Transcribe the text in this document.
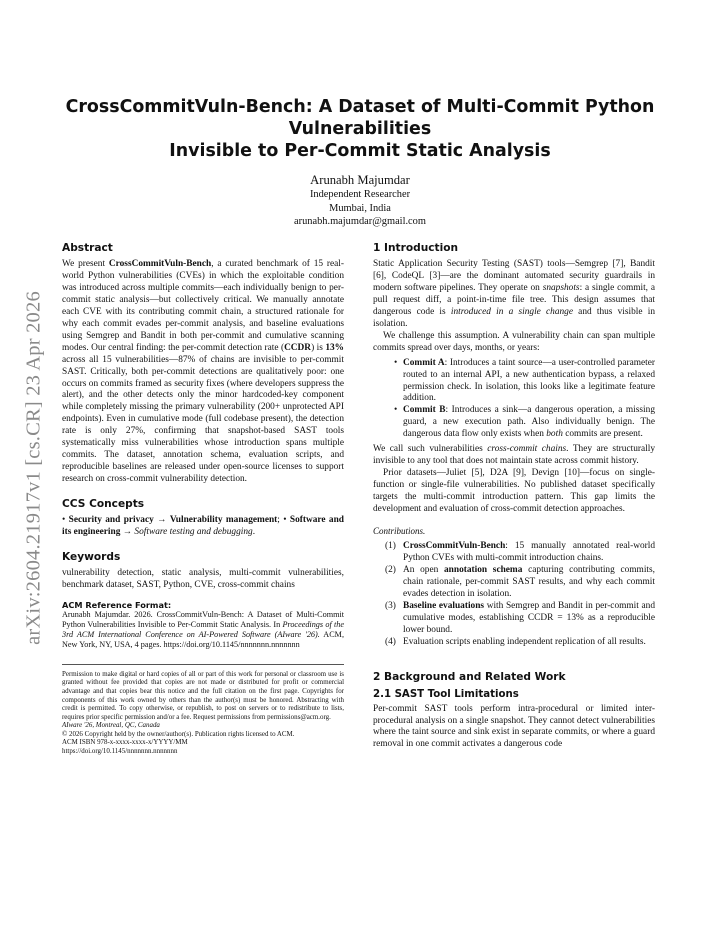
arXiv:2604.21917v1 [cs.CR] 23 Apr 2026
CrossCommitVuln-Bench: A Dataset of Multi-Commit Python
Vulnerabilities
Invisible to Per-Commit Static Analysis
Arunabh Majumdar
Independent Researcher
Mumbai, India
arunabh.majumdar@gmail.com
Abstract

We present CrossCommitVuln-Bench, a curated benchmark of 15 real-world Python vulnerabilities (CVEs) in which the exploitable condition was introduced across multiple commits—each individually benign to per-commit static analysis—but collectively critical. We manually annotate each CVE with its contributing commit chain, a structured rationale for why each commit evades per-commit analysis, and baseline evaluations using Semgrep and Bandit in both per-commit and cumulative scanning modes. Our central finding: the per-commit detection rate (CCDR) is 13% across all 15 vulnerabilities—87% of chains are invisible to per-commit SAST. Critically, both per-commit detections are qualitatively poor: one occurs on commits framed as security fixes (where developers suppress the alert), and the other detects only the minor hardcoded-key component while completely missing the primary vulnerability (200+ unprotected API endpoints). Even in cumulative mode (full codebase present), the detection rate is only 27%, confirming that snapshot-based SAST tools systematically miss vulnerabilities whose introduction spans multiple commits. The dataset, annotation schema, evaluation scripts, and reproducible baselines are released under open-source licenses to support research on cross-commit vulnerability detection.

CCS Concepts

• Security and privacy → Vulnerability management; • Software and its engineering → Software testing and debugging.

Keywords

vulnerability detection, static analysis, multi-commit vulnerabilities, benchmark dataset, SAST, Python, CVE, cross-commit chains

ACM Reference Format:

Arunabh Majumdar. 2026. CrossCommitVuln-Bench: A Dataset of Multi-Commit Python Vulnerabilities Invisible to Per-Commit Static Analysis. In Proceedings of the 3rd ACM International Conference on AI-Powered Software (AIware '26). ACM, New York, NY, USA, 4 pages. https://doi.org/10.1145/nnnnnnn.nnnnnnn

Permission to make digital or hard copies of all or part of this work for personal or classroom use is granted without fee provided that copies are not made or distributed for profit or commercial advantage and that copies bear this notice and the full citation on the first page. Copyrights for components of this work owned by others than the author(s) must be honored. Abstracting with credit is permitted. To copy otherwise, or republish, to post on servers or to redistribute to lists, requires prior specific permission and/or a fee. Request permissions from permissions@acm.org.

AIware '26, Montreal, QC, Canada

© 2026 Copyright held by the owner/author(s). Publication rights licensed to ACM.

ACM ISBN 978-x-xxxx-xxxx-x/YYYY/MM

https://doi.org/10.1145/nnnnnnn.nnnnnnn

1 Introduction

Static Application Security Testing (SAST) tools—Semgrep [7], Bandit [6], CodeQL [3]—are the dominant automated security guardrails in modern software pipelines. They operate on snapshots: a single commit, a pull request diff, a point-in-time file tree. This design assumes that dangerous code is introduced in a single change and thus visible in isolation.

We challenge this assumption. A vulnerability chain can span multiple commits spread over days, months, or years:

• Commit A: Introduces a taint source—a user-controlled parameter routed to an internal API, a new authentication bypass, a relaxed permission check. In isolation, this looks like a legitimate feature addition.
• Commit B: Introduces a sink—a dangerous operation, a missing guard, a new execution path. Also individually benign. The dangerous data flow only exists when both commits are present.

We call such vulnerabilities cross-commit chains. They are structurally invisible to any tool that does not maintain state across commit history.

Prior datasets—Juliet [5], D2A [9], Devign [10]—focus on single-function or single-file vulnerabilities. No published dataset specifically targets the multi-commit introduction pattern. This gap limits the development and evaluation of cross-commit detection approaches.

Contributions.
(1) CrossCommitVuln-Bench: 15 manually annotated real-world Python CVEs with multi-commit introduction chains.
(2) An open annotation schema capturing contributing commits, chain rationale, per-commit SAST results, and why each commit evades detection in isolation.
(3) Baseline evaluations with Semgrep and Bandit in per-commit and cumulative modes, establishing CCDR = 13% as a reproducible lower bound.
(4) Evaluation scripts enabling independent replication of all results.
2 Background and Related Work
2.1 SAST Tool Limitations

Per-commit SAST tools perform intra-procedural or limited inter-procedural analysis on a single snapshot. They cannot detect vulnerabilities where the taint source and sink exist in separate commits, or where a guard removal in one commit activates a dangerous code
